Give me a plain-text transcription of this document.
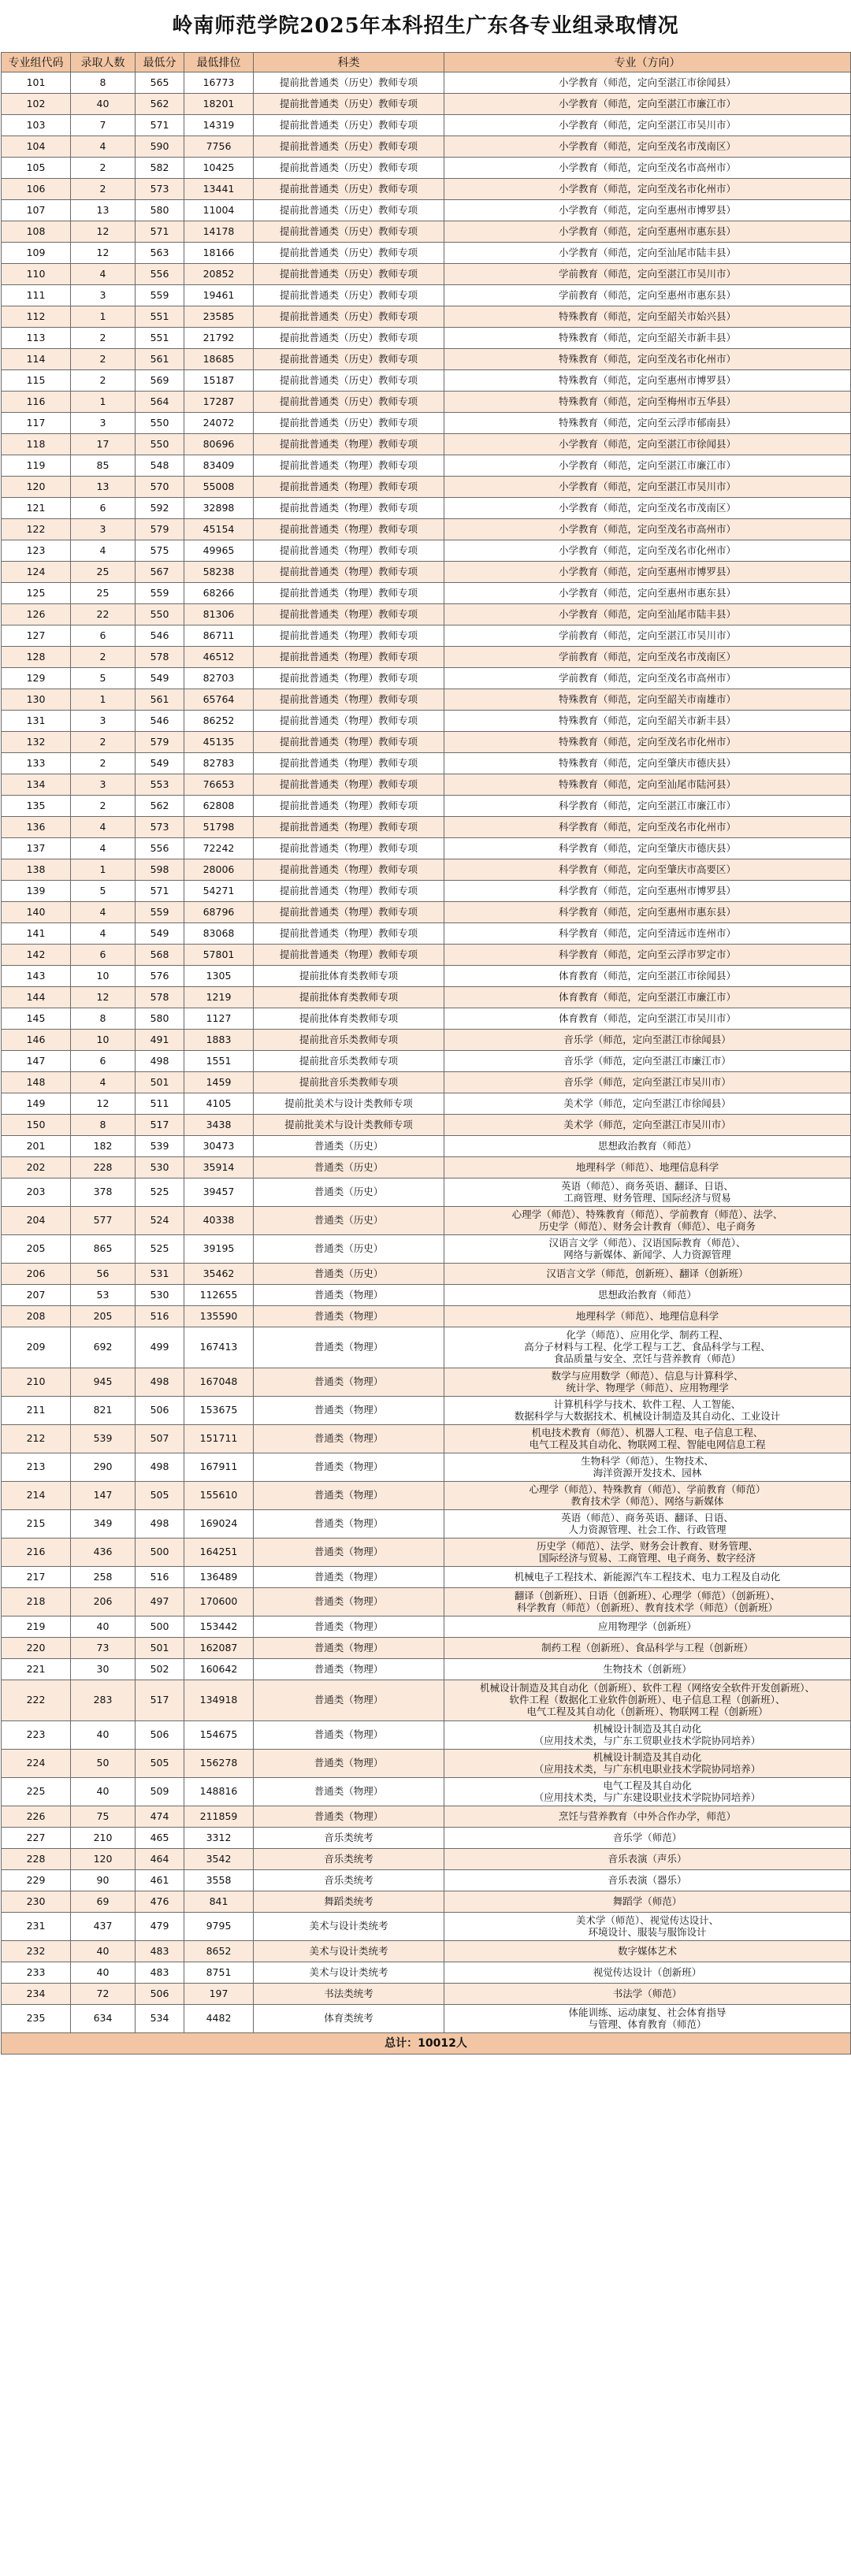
岭南师范学院2025年本科招生广东各专业组录取情况
专业组代码	录取人数	最低分	最低排位	科类	专业（方向）
101	8	565	16773	提前批普通类（历史）教师专项	小学教育（师范，定向至湛江市徐闻县）
102	40	562	18201	提前批普通类（历史）教师专项	小学教育（师范，定向至湛江市廉江市）
103	7	571	14319	提前批普通类（历史）教师专项	小学教育（师范，定向至湛江市吴川市）
104	4	590	7756	提前批普通类（历史）教师专项	小学教育（师范，定向至茂名市茂南区）
105	2	582	10425	提前批普通类（历史）教师专项	小学教育（师范，定向至茂名市高州市）
106	2	573	13441	提前批普通类（历史）教师专项	小学教育（师范，定向至茂名市化州市）
107	13	580	11004	提前批普通类（历史）教师专项	小学教育（师范，定向至惠州市博罗县）
108	12	571	14178	提前批普通类（历史）教师专项	小学教育（师范，定向至惠州市惠东县）
109	12	563	18166	提前批普通类（历史）教师专项	小学教育（师范，定向至汕尾市陆丰县）
110	4	556	20852	提前批普通类（历史）教师专项	学前教育（师范，定向至湛江市吴川市）
111	3	559	19461	提前批普通类（历史）教师专项	学前教育（师范，定向至惠州市惠东县）
112	1	551	23585	提前批普通类（历史）教师专项	特殊教育（师范，定向至韶关市始兴县）
113	2	551	21792	提前批普通类（历史）教师专项	特殊教育（师范，定向至韶关市新丰县）
114	2	561	18685	提前批普通类（历史）教师专项	特殊教育（师范，定向至茂名市化州市）
115	2	569	15187	提前批普通类（历史）教师专项	特殊教育（师范，定向至惠州市博罗县）
116	1	564	17287	提前批普通类（历史）教师专项	特殊教育（师范，定向至梅州市五华县）
117	3	550	24072	提前批普通类（历史）教师专项	特殊教育（师范，定向至云浮市郁南县）
118	17	550	80696	提前批普通类（物理）教师专项	小学教育（师范，定向至湛江市徐闻县）
119	85	548	83409	提前批普通类（物理）教师专项	小学教育（师范，定向至湛江市廉江市）
120	13	570	55008	提前批普通类（物理）教师专项	小学教育（师范，定向至湛江市吴川市）
121	6	592	32898	提前批普通类（物理）教师专项	小学教育（师范，定向至茂名市茂南区）
122	3	579	45154	提前批普通类（物理）教师专项	小学教育（师范，定向至茂名市高州市）
123	4	575	49965	提前批普通类（物理）教师专项	小学教育（师范，定向至茂名市化州市）
124	25	567	58238	提前批普通类（物理）教师专项	小学教育（师范，定向至惠州市博罗县）
125	25	559	68266	提前批普通类（物理）教师专项	小学教育（师范，定向至惠州市惠东县）
126	22	550	81306	提前批普通类（物理）教师专项	小学教育（师范，定向至汕尾市陆丰县）
127	6	546	86711	提前批普通类（物理）教师专项	学前教育（师范，定向至湛江市吴川市）
128	2	578	46512	提前批普通类（物理）教师专项	学前教育（师范，定向至茂名市茂南区）
129	5	549	82703	提前批普通类（物理）教师专项	学前教育（师范，定向至茂名市高州市）
130	1	561	65764	提前批普通类（物理）教师专项	特殊教育（师范，定向至韶关市南雄市）
131	3	546	86252	提前批普通类（物理）教师专项	特殊教育（师范，定向至韶关市新丰县）
132	2	579	45135	提前批普通类（物理）教师专项	特殊教育（师范，定向至茂名市化州市）
133	2	549	82783	提前批普通类（物理）教师专项	特殊教育（师范，定向至肇庆市德庆县）
134	3	553	76653	提前批普通类（物理）教师专项	特殊教育（师范，定向至汕尾市陆河县）
135	2	562	62808	提前批普通类（物理）教师专项	科学教育（师范，定向至湛江市廉江市）
136	4	573	51798	提前批普通类（物理）教师专项	科学教育（师范，定向至茂名市化州市）
137	4	556	72242	提前批普通类（物理）教师专项	科学教育（师范，定向至肇庆市德庆县）
138	1	598	28006	提前批普通类（物理）教师专项	科学教育（师范，定向至肇庆市高要区）
139	5	571	54271	提前批普通类（物理）教师专项	科学教育（师范，定向至惠州市博罗县）
140	4	559	68796	提前批普通类（物理）教师专项	科学教育（师范，定向至惠州市惠东县）
141	4	549	83068	提前批普通类（物理）教师专项	科学教育（师范，定向至清远市连州市）
142	6	568	57801	提前批普通类（物理）教师专项	科学教育（师范，定向至云浮市罗定市）
143	10	576	1305	提前批体育类教师专项	体育教育（师范，定向至湛江市徐闻县）
144	12	578	1219	提前批体育类教师专项	体育教育（师范，定向至湛江市廉江市）
145	8	580	1127	提前批体育类教师专项	体育教育（师范，定向至湛江市吴川市）
146	10	491	1883	提前批音乐类教师专项	音乐学（师范，定向至湛江市徐闻县）
147	6	498	1551	提前批音乐类教师专项	音乐学（师范，定向至湛江市廉江市）
148	4	501	1459	提前批音乐类教师专项	音乐学（师范，定向至湛江市吴川市）
149	12	511	4105	提前批美术与设计类教师专项	美术学（师范，定向至湛江市徐闻县）
150	8	517	3438	提前批美术与设计类教师专项	美术学（师范，定向至湛江市吴川市）
201	182	539	30473	普通类（历史）	思想政治教育（师范）
202	228	530	35914	普通类（历史）	地理科学（师范）、地理信息科学
203	378	525	39457	普通类（历史）	英语（师范）、商务英语、翻译、日语、
工商管理、财务管理、国际经济与贸易
204	577	524	40338	普通类（历史）	心理学（师范）、特殊教育（师范）、学前教育（师范）、法学、
历史学（师范）、财务会计教育（师范）、电子商务
205	865	525	39195	普通类（历史）	汉语言文学（师范）、汉语国际教育（师范）、
网络与新媒体、新闻学、人力资源管理
206	56	531	35462	普通类（历史）	汉语言文学（师范，创新班）、翻译（创新班）
207	53	530	112655	普通类（物理）	思想政治教育（师范）
208	205	516	135590	普通类（物理）	地理科学（师范）、地理信息科学
209	692	499	167413	普通类（物理）	化学（师范）、应用化学、制药工程、
高分子材料与工程、化学工程与工艺、食品科学与工程、
食品质量与安全、烹饪与营养教育（师范）
210	945	498	167048	普通类（物理）	数学与应用数学（师范）、信息与计算科学、
统计学、物理学（师范）、应用物理学
211	821	506	153675	普通类（物理）	计算机科学与技术、软件工程、人工智能、
数据科学与大数据技术、机械设计制造及其自动化、工业设计
212	539	507	151711	普通类（物理）	机电技术教育（师范）、机器人工程、电子信息工程、
电气工程及其自动化、物联网工程、智能电网信息工程
213	290	498	167911	普通类（物理）	生物科学（师范）、生物技术、
海洋资源开发技术、园林
214	147	505	155610	普通类（物理）	心理学（师范）、特殊教育（师范）、学前教育（师范）
教育技术学（师范）、网络与新媒体
215	349	498	169024	普通类（物理）	英语（师范）、商务英语、翻译、日语、
人力资源管理、社会工作、行政管理
216	436	500	164251	普通类（物理）	历史学（师范）、法学、财务会计教育、财务管理、
国际经济与贸易、工商管理、电子商务、数字经济
217	258	516	136489	普通类（物理）	机械电子工程技术、新能源汽车工程技术、电力工程及自动化
218	206	497	170600	普通类（物理）	翻译（创新班）、日语（创新班）、心理学（师范）（创新班）、
科学教育（师范）（创新班）、教育技术学（师范）（创新班）
219	40	500	153442	普通类（物理）	应用物理学（创新班）
220	73	501	162087	普通类（物理）	制药工程（创新班）、食品科学与工程（创新班）
221	30	502	160642	普通类（物理）	生物技术（创新班）
222	283	517	134918	普通类（物理）	机械设计制造及其自动化（创新班）、软件工程（网络安全软件开发创新班）、
软件工程（数据化工业软件创新班）、电子信息工程（创新班）、
电气工程及其自动化（创新班）、物联网工程（创新班）
223	40	506	154675	普通类（物理）	机械设计制造及其自动化
（应用技术类，与广东工贸职业技术学院协同培养）
224	50	505	156278	普通类（物理）	机械设计制造及其自动化
（应用技术类，与广东机电职业技术学院协同培养）
225	40	509	148816	普通类（物理）	电气工程及其自动化
（应用技术类，与广东建设职业技术学院协同培养）
226	75	474	211859	普通类（物理）	烹饪与营养教育（中外合作办学，师范）
227	210	465	3312	音乐类统考	音乐学（师范）
228	120	464	3542	音乐类统考	音乐表演（声乐）
229	90	461	3558	音乐类统考	音乐表演（器乐）
230	69	476	841	舞蹈类统考	舞蹈学（师范）
231	437	479	9795	美术与设计类统考	美术学（师范）、视觉传达设计、
环境设计、服装与服饰设计
232	40	483	8652	美术与设计类统考	数字媒体艺术
233	40	483	8751	美术与设计类统考	视觉传达设计（创新班）
234	72	506	197	书法类统考	书法学（师范）
235	634	534	4482	体育类统考	体能训练、运动康复、社会体育指导
与管理、体育教育（师范）
总计：10012人					
